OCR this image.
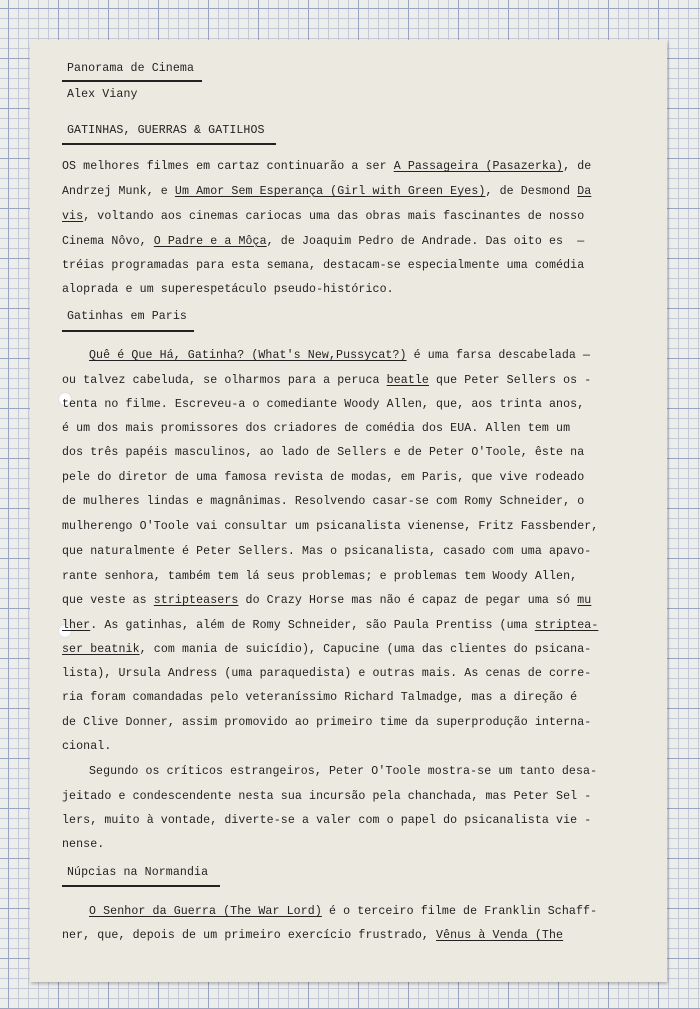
Panorama de Cinema
Alex Viany
GATINHAS, GUERRAS & GATILHOS
OS melhores filmes em cartaz continuarão a ser A Passageira (Pasazerka), de
Andrzej Munk, e Um Amor Sem Esperança (Girl with Green Eyes), de Desmond Da
vis, voltando aos cinemas cariocas uma das obras mais fascinantes de nosso
Cinema Nôvo, O Padre e a Môça, de Joaquim Pedro de Andrade. Das oito es  —
tréias programadas para esta semana, destacam-se especialmente uma comédia
aloprada e um superespetáculo pseudo-histórico.
Gatinhas em Paris
Quê é Que Há, Gatinha? (What's New,Pussycat?) é uma farsa descabelada —
ou talvez cabeluda, se olharmos para a peruca beatle que Peter Sellers os -
tenta no filme. Escreveu-a o comediante Woody Allen, que, aos trinta anos,
é um dos mais promissores dos criadores de comédia dos EUA. Allen tem um
dos três papéis masculinos, ao lado de Sellers e de Peter O'Toole, êste na
pele do diretor de uma famosa revista de modas, em Paris, que vive rodeado
de mulheres lindas e magnânimas. Resolvendo casar-se com Romy Schneider, o
mulherengo O'Toole vai consultar um psicanalista vienense, Fritz Fassbender,
que naturalmente é Peter Sellers. Mas o psicanalista, casado com uma apavo-
rante senhora, também tem lá seus problemas; e problemas tem Woody Allen,
que veste as stripteasers do Crazy Horse mas não é capaz de pegar uma só mu
lher. As gatinhas, além de Romy Schneider, são Paula Prentiss (uma striptea-
ser beatnik, com mania de suicídio), Capucine (uma das clientes do psicana-
lista), Ursula Andress (uma paraquedista) e outras mais. As cenas de corre-
ria foram comandadas pelo veteraníssimo Richard Talmadge, mas a direção é
de Clive Donner, assim promovido ao primeiro time da superprodução interna-
cional.
Segundo os críticos estrangeiros, Peter O'Toole mostra-se um tanto desa-
jeitado e condescendente nesta sua incursão pela chanchada, mas Peter Sel -
lers, muito à vontade, diverte-se a valer com o papel do psicanalista vie -
nense.
Núpcias na Normandia
O Senhor da Guerra (The War Lord) é o terceiro filme de Franklin Schaff-
ner, que, depois de um primeiro exercício frustrado, Vênus à Venda (The
